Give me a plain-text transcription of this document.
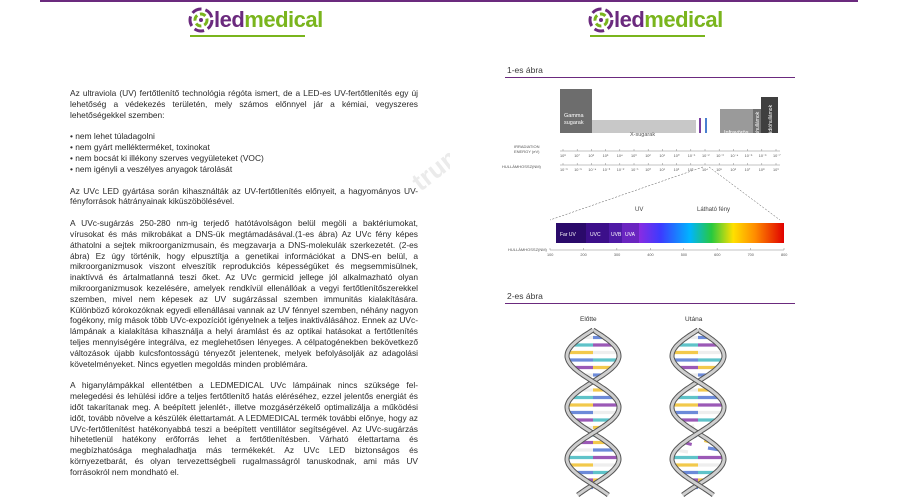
ledmedical

Az ultraviola (UV) fertőtlenítő technológia régóta ismert, de a LED-es UV-fertőtlenítés egy új lehetőség a védekezés területén, mely számos előnnyel jár a kémiai, vegyszeres lehetőségekkel szemben:

• nem lehet túladagolni
• nem gyárt mellékterméket, toxinokat
• nem bocsát ki illékony szerves vegyületeket (VOC)
• nem igényli a veszélyes anyagok tárolását

Az UVc LED gyártása során kihasználták az UV-fertőtlenítés előnyeit, a hagyományos UV-fényforrások hátrányainak kiküszöbölésével.

A UVc-sugárzás 250-280 nm-ig terjedő hatótávolságon belül megöli a baktériumokat, vírusokat és más mikrobákat a DNS-ük megtámadásával.(1-es ábra) Az UVc fény képes áthatolni a sejtek mikroorganizmusain, és megzavarja a DNS-molekulák szerkezetét. (2-es ábra) Ez úgy történik, hogy elpusztítja a genetikai információkat a DNS-en belül, a mikroorganizmusok viszont elveszítik reprodukciós képességüket és megsemmisülnek, inaktívvá és ártalmatlanná teszi őket. Az UVc germicid jellege jól alkalmazható olyan mikroorganizmusok kezelésére, amelyek rendkívül ellenállóak a vegyi fertőtlenítőszerekkel szemben, mivel nem képesek az UV sugárzással szemben immunitás kialakítására. Különböző kórokozóknak egyedi ellenállásai vannak az UV fénnyel szemben, néhány nagyon fogékony, míg mások több UVc-expozíciót igényelnek a teljes inaktiválásához. Ennek az UVc-lámpának a kialakítása kihasználja a helyi áramlást és az optikai hatásokat a fertőtlenítés teljes mennyiségére integrálva, ez meglehetősen lényeges. A célpatogénekben bekövetkező változások újabb kulcsfontosságú tényezőt jelentenek, melyek befolyásolják az adagolási követelményeket. Nincs egyetlen megoldás minden problémára.

A higanylámpákkal ellentétben a LEDMEDICAL UVc lámpáinak nincs szüksége fel-melegedési és lehülési időre a teljes fertőtlenítő hatás eléréséhez, ezzel jelentős energiát és időt takarítanak meg. A beépített jelenlét-, illetve mozgásérzékelő optimalizálja a működési időt, tovább növelve a készülék élettartamát. A LEDMEDICAL termék további előnye, hogy az UVc-fertőtlenítést hatékonyabbá teszi a beépített ventillátor segítségével. Az UVc-sugárzás hihetetlenül hatékony erőforrás lehet a fertőtlenítésben. Várható élettartama és megbízhatósága meghaladhatja más termékekét. Az UVc LED biztonságos és környezetbarát, és olyan tervezettségbeli rugalmasságról tanuskodnak, ami más UV forrásokról nem mondható el.

ledmedical
1-es ábra
Gamma
sugarak
X-sugarak	Infravörös Mikrohullámok Rádióhullámok
IRRADIATION
ENERGY (eV)
10⁸ 10⁷ 10⁶ 10⁵ 10⁴ 10³ 10² 10¹ 10⁰ 10⁻¹ 10⁻² 10⁻³ 10⁻⁴ 10⁻⁵ 10⁻⁶ 10⁻⁷
HULLÁMHOSSZ(NM)
10⁻⁶ 10⁻⁵ 10⁻⁴ 10⁻³ 10⁻² 10⁻¹ 10⁰ 10¹ 10² 10³ 10⁴ 10⁵ 10⁶ 10⁷ 10⁸ 10⁹
UV	Látható fény
Far UV	UVC UVB UVA
HULLÁMHOSSZ(NM)
100	200	300	400	500	600	700	800
2-es ábra
Előtte	Utána
